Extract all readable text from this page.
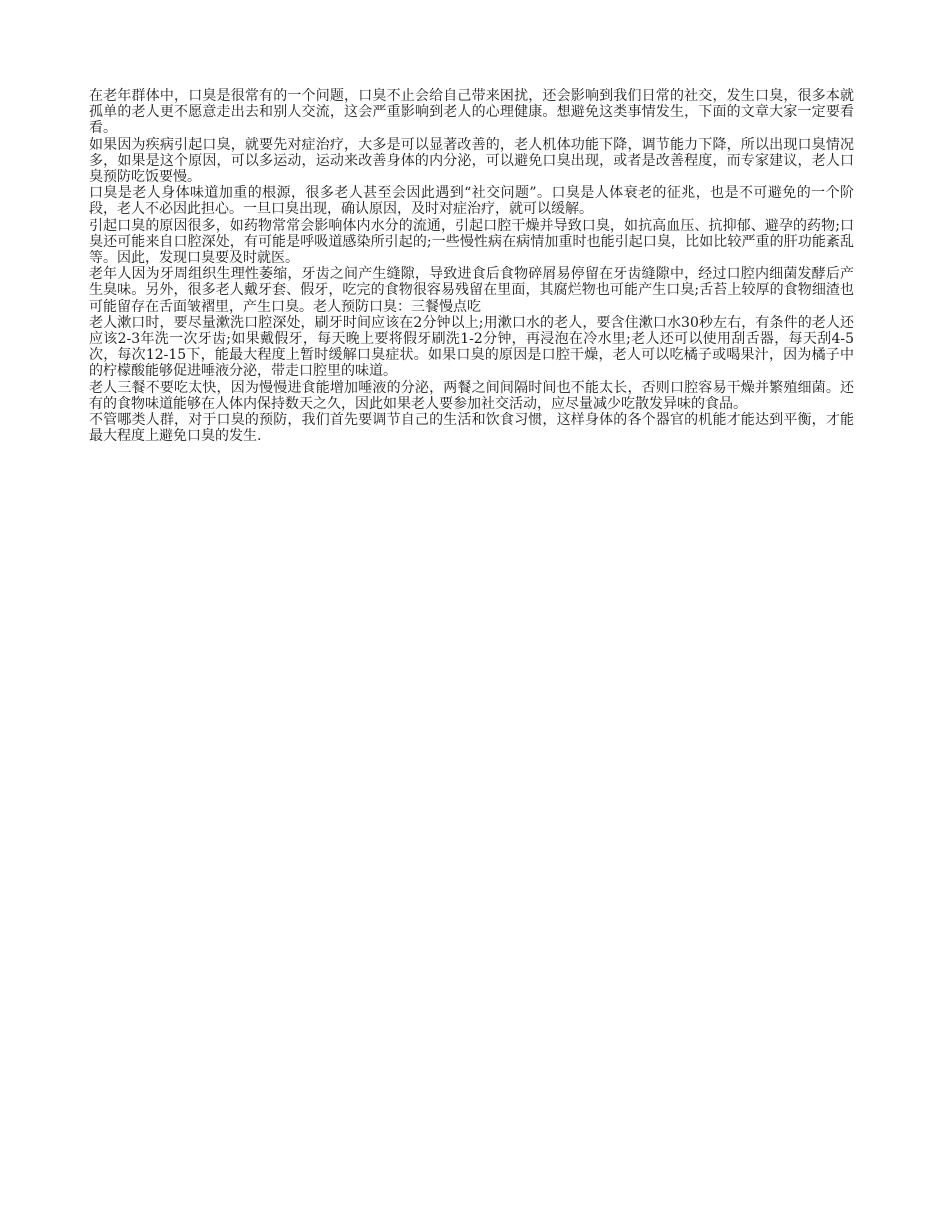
在老年群体中，口臭是很常有的一个问题，口臭不止会给自己带来困扰，还会影响到我们日常的社交，发生口臭，很多本就孤单的老人更不愿意走出去和别人交流，这会严重影响到老人的心理健康。想避免这类事情发生，下面的文章大家一定要看看。

如果因为疾病引起口臭，就要先对症治疗，大多是可以显著改善的，老人机体功能下降，调节能力下降，所以出现口臭情况多，如果是这个原因，可以多运动，运动来改善身体的内分泌，可以避免口臭出现，或者是改善程度，而专家建议，老人口臭预防吃饭要慢。

口臭是老人身体味道加重的根源，很多老人甚至会因此遇到“社交问题”。口臭是人体衰老的征兆，也是不可避免的一个阶段，老人不必因此担心。一旦口臭出现，确认原因，及时对症治疗，就可以缓解。

引起口臭的原因很多，如药物常常会影响体内水分的流通，引起口腔干燥并导致口臭，如抗高血压、抗抑郁、避孕的药物;口臭还可能来自口腔深处，有可能是呼吸道感染所引起的;一些慢性病在病情加重时也能引起口臭，比如比较严重的肝功能紊乱等。因此，发现口臭要及时就医。

老年人因为牙周组织生理性萎缩，牙齿之间产生缝隙，导致进食后食物碎屑易停留在牙齿缝隙中，经过口腔内细菌发酵后产生臭味。另外，很多老人戴牙套、假牙，吃完的食物很容易残留在里面，其腐烂物也可能产生口臭;舌苔上较厚的食物细渣也可能留存在舌面皱褶里，产生口臭。老人预防口臭：三餐慢点吃

老人漱口时，要尽量漱洗口腔深处，刷牙时间应该在2分钟以上;用漱口水的老人，要含住漱口水30秒左右，有条件的老人还应该2-3年洗一次牙齿;如果戴假牙，每天晚上要将假牙刷洗1-2分钟，再浸泡在冷水里;老人还可以使用刮舌器，每天刮4-5次，每次12-15下，能最大程度上暂时缓解口臭症状。如果口臭的原因是口腔干燥，老人可以吃橘子或喝果汁，因为橘子中的柠檬酸能够促进唾液分泌，带走口腔里的味道。

老人三餐不要吃太快，因为慢慢进食能增加唾液的分泌，两餐之间间隔时间也不能太长，否则口腔容易干燥并繁殖细菌。还有的食物味道能够在人体内保持数天之久，因此如果老人要参加社交活动，应尽量减少吃散发异味的食品。

不管哪类人群，对于口臭的预防，我们首先要调节自己的生活和饮食习惯，这样身体的各个器官的机能才能达到平衡，才能最大程度上避免口臭的发生.
